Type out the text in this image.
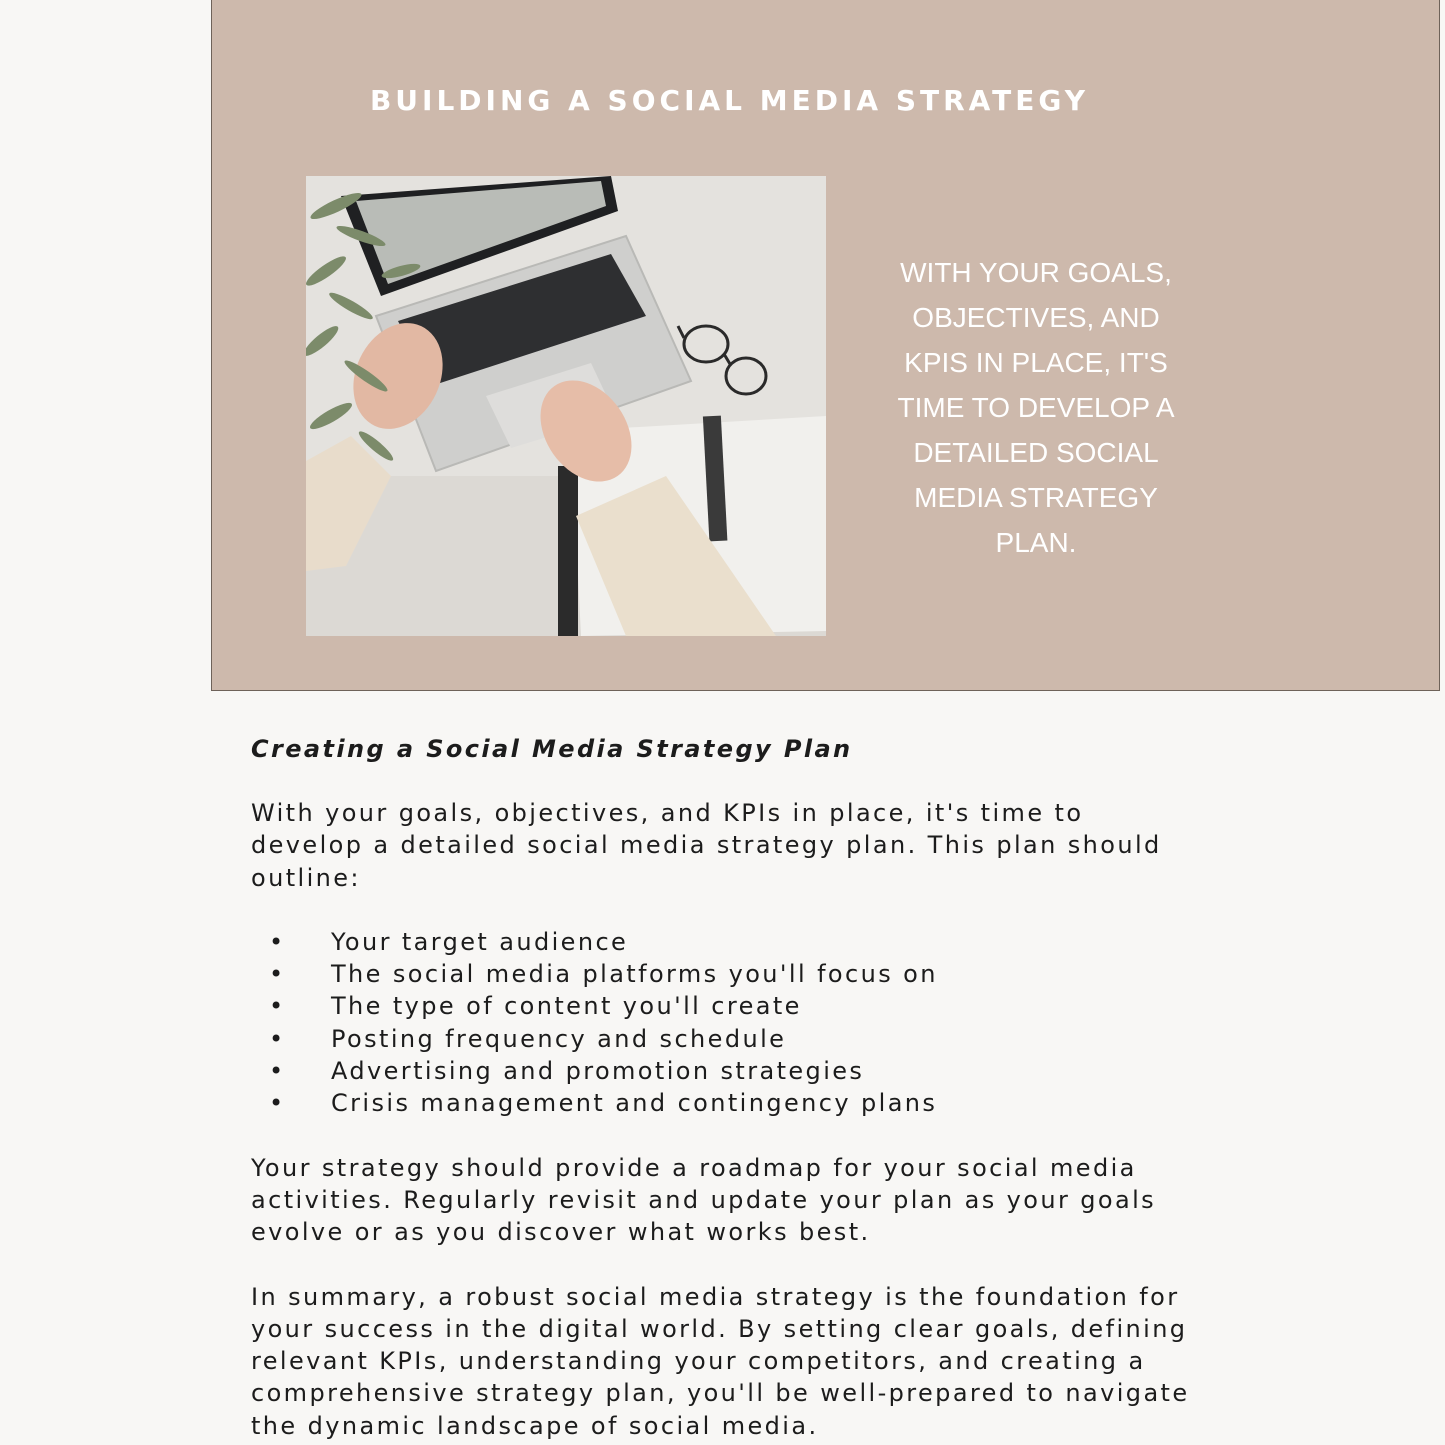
BUILDING A SOCIAL MEDIA STRATEGY

WITH YOUR GOALS, OBJECTIVES, AND KPIS IN PLACE, IT'S TIME TO DEVELOP A DETAILED SOCIAL MEDIA STRATEGY PLAN.

Creating a Social Media Strategy Plan

With your goals, objectives, and KPIs in place, it's time to develop a detailed social media strategy plan. This plan should outline:

• Your target audience
• The social media platforms you'll focus on
• The type of content you'll create
• Posting frequency and schedule
• Advertising and promotion strategies
• Crisis management and contingency plans

Your strategy should provide a roadmap for your social media activities. Regularly revisit and update your plan as your goals evolve or as you discover what works best.

In summary, a robust social media strategy is the foundation for your success in the digital world. By setting clear goals, defining relevant KPIs, understanding your competitors, and creating a comprehensive strategy plan, you'll be well-prepared to navigate the dynamic landscape of social media.
